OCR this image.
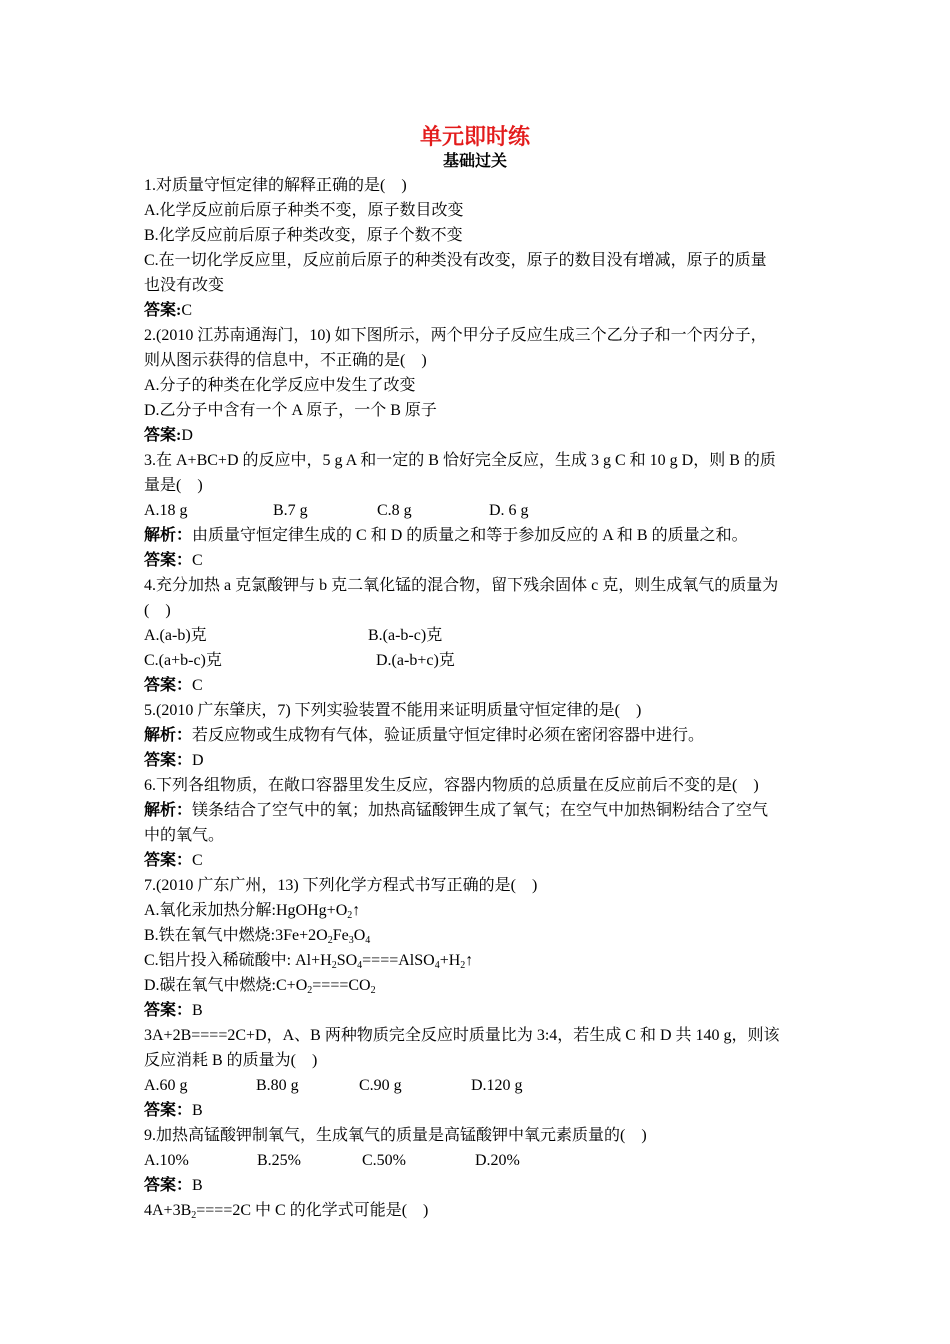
单元即时练
基础过关
1.对质量守恒定律的解释正确的是(　)
A.化学反应前后原子种类不变，原子数目改变
B.化学反应前后原子种类改变，原子个数不变
C.在一切化学反应里，反应前后原子的种类没有改变，原子的数目没有增减，原子的质量
也没有改变
答案:C
2.(2010 江苏南通海门，10) 如下图所示，两个甲分子反应生成三个乙分子和一个丙分子，
则从图示获得的信息中，不正确的是(　)
A.分子的种类在化学反应中发生了改变
D.乙分子中含有一个 A 原子，一个 B 原子
答案:D
3.在 A+BC+D 的反应中，5 g A 和一定的 B 恰好完全反应，生成 3 g C 和 10 g D，则 B 的质
量是(　)
A.18 g	B.7 g	C.8 g	D. 6 g
解析：由质量守恒定律生成的 C 和 D 的质量之和等于参加反应的 A 和 B 的质量之和。
答案：C
4.充分加热 a 克氯酸钾与 b 克二氧化锰的混合物，留下残余固体 c 克，则生成氧气的质量为
(　)
A.(a-b)克	B.(a-b-c)克
C.(a+b-c)克	D.(a-b+c)克
答案：C
5.(2010 广东肇庆，7) 下列实验装置不能用来证明质量守恒定律的是(　)
解析：若反应物或生成物有气体，验证质量守恒定律时必须在密闭容器中进行。
答案：D
6.下列各组物质，在敞口容器里发生反应，容器内物质的总质量在反应前后不变的是(　)
解析：镁条结合了空气中的氧；加热高锰酸钾生成了氧气；在空气中加热铜粉结合了空气
中的氧气。
答案：C
7.(2010 广东广州，13) 下列化学方程式书写正确的是(　)
A.氧化汞加热分解$:HgOHg+O_2↑$
B.铁在氧气中燃烧$:3Fe+2O_2Fe_3O_4$
C.铝片投入稀硫酸中: $Al+H_2SO_4====AlSO_4+H_2↑$
D.碳在氧气中燃烧$:C+O_2====CO_2$
答案：B
3A+2B====2C+D，A、B 两种物质完全反应时质量比为 3:4，若生成 C 和 D 共 140 g，则该
反应消耗 B 的质量为(　)
A.60 g	B.80 g	C.90 g	D.120 g
答案：B
9.加热高锰酸钾制氧气，生成氧气的质量是高锰酸钾中氧元素质量的(　)
A.10%	B.25%	C.50%	D.20%
答案：B
$4A+3B_2====2C$ 中 C 的化学式可能是(　)
